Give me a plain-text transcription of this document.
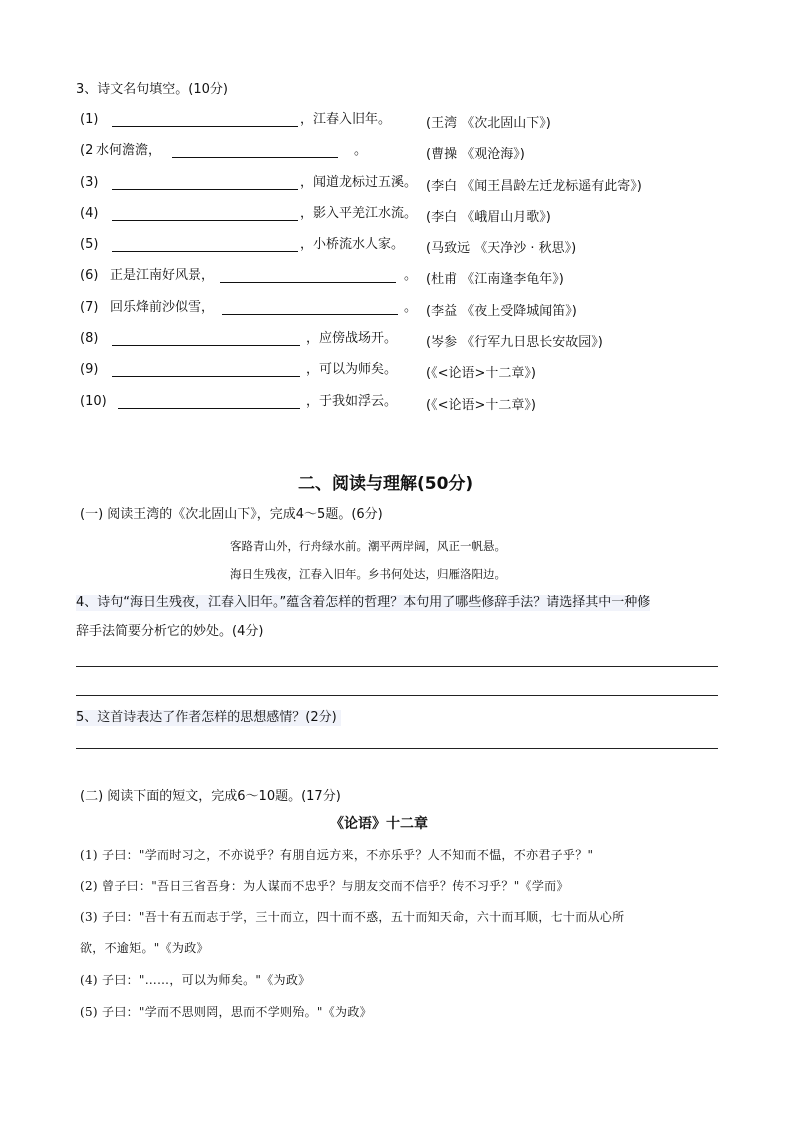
3、诗文名句填空。(10分)
(1)	，江春入旧年。	(王湾 《次北固山下》)
(2 水何澹澹，	。	(曹操 《观沧海》)
(3)	，闻道龙标过五溪。 (李白 《闻王昌龄左迁龙标遥有此寄》)
(4)	，影入平羌江水流。 (李白 《峨眉山月歌》)
(5)	，小桥流水人家。 (马致远 《天净沙 · 秋思》)
(6) 正是江南好风景，	。 (杜甫 《江南逢李龟年》)
(7) 回乐烽前沙似雪，	。 (李益 《夜上受降城闻笛》)
(8)	，应傍战场开。 (岑参 《行军九日思长安故园》)
(9)	，可以为师矣。 (《<论语>十二章》)
(10)	，于我如浮云。 (《<论语>十二章》)
二、阅读与理解(50分)
(一) 阅读王湾的《次北固山下》，完成4～5题。(6分)
客路青山外，行舟绿水前。潮平两岸阔，风正一帆悬。
海日生残夜，江春入旧年。乡书何处达，归雁洛阳边。
4、诗句“海日生残夜，江春入旧年。”蕴含着怎样的哲理？本句用了哪些修辞手法？请选择其中一种修
辞手法简要分析它的妙处。(4分)
5、这首诗表达了作者怎样的思想感情？(2分)
(二) 阅读下面的短文，完成6～10题。(17分)
《论语》十二章
(1) 子曰："学而时习之，不亦说乎？有朋自远方来，不亦乐乎？人不知而不愠，不亦君子乎？"
(2) 曾子曰："吾日三省吾身：为人谋而不忠乎？与朋友交而不信乎？传不习乎？"《学而》
(3) 子曰："吾十有五而志于学，三十而立，四十而不惑，五十而知天命，六十而耳顺，七十而从心所
欲，不逾矩。"《为政》
(4) 子曰："……，可以为师矣。"《为政》
(5) 子曰："学而不思则罔，思而不学则殆。"《为政》
